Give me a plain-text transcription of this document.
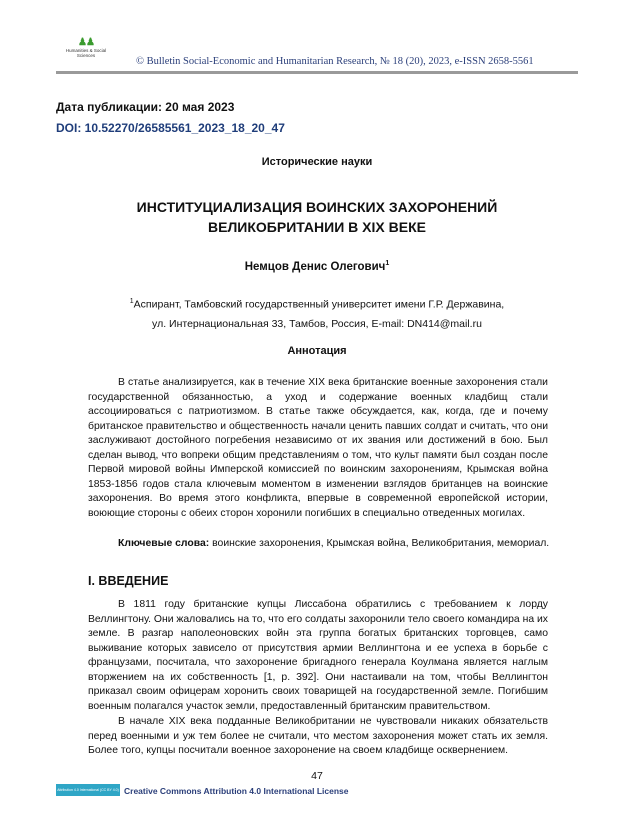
♟♟
Humanities & Social Sciences
© Bulletin Social-Economic and Humanitarian Research, № 18 (20), 2023, e-ISSN 2658-5561
Дата публикации: 20 мая 2023
DOI: 10.52270/26585561_2023_18_20_47
Исторические науки
ИНСТИТУЦИАЛИЗАЦИЯ ВОИНСКИХ ЗАХОРОНЕНИЙ
ВЕЛИКОБРИТАНИИ В XIX ВЕКЕ
Немцов Денис Олегович$^1$
$^1$Аспирант, Тамбовский государственный университет имени Г.Р. Державина,
ул. Интернациональная 33, Тамбов, Россия, E-mail: DN414@mail.ru
Аннотация
В статье анализируется, как в течение XIX века британские военные захоронения стали государственной обязанностью, а уход и содержание военных кладбищ стали ассоциироваться с патриотизмом. В статье также обсуждается, как, когда, где и почему британское правительство и общественность начали ценить павших солдат и считать, что они заслуживают достойного погребения независимо от их звания или достижений в бою. Был сделан вывод, что вопреки общим представлениям о том, что культ памяти был создан после Первой мировой войны Имперской комиссией по воинским захоронениям, Крымская война 1853-1856 годов стала ключевым моментом в изменении взглядов британцев на воинские захоронения. Во время этого конфликта, впервые в современной европейской истории, воюющие стороны с обеих сторон хоронили погибших в специально отведенных могилах.
Ключевые слова: воинские захоронения, Крымская война, Великобритания, мемориал.
I. ВВЕДЕНИЕ
В 1811 году британские купцы Лиссабона обратились с требованием к лорду Веллингтону. Они жаловались на то, что его солдаты захоронили тело своего командира на их земле. В разгар наполеоновских войн эта группа богатых британских торговцев, само выживание которых зависело от присутствия армии Веллингтона и ее успеха в борьбе с французами, посчитала, что захоронение бригадного генерала Коулмана является наглым вторжением на их собственность [1, p. 392]. Они настаивали на том, чтобы Веллингтон приказал своим офицерам хоронить своих товарищей на государственной земле. Погибшим военным полагался участок земли, предоставленный британским правительством.
В начале XIX века подданные Великобритании не чувствовали никаких обязательств перед военными и уж тем более не считали, что местом захоронения может стать их земля. Более того, купцы посчитали военное захоронение на своем кладбище осквернением.
47
Attribution 4.0 International (CC BY 4.0) Creative Commons Attribution 4.0 International License
